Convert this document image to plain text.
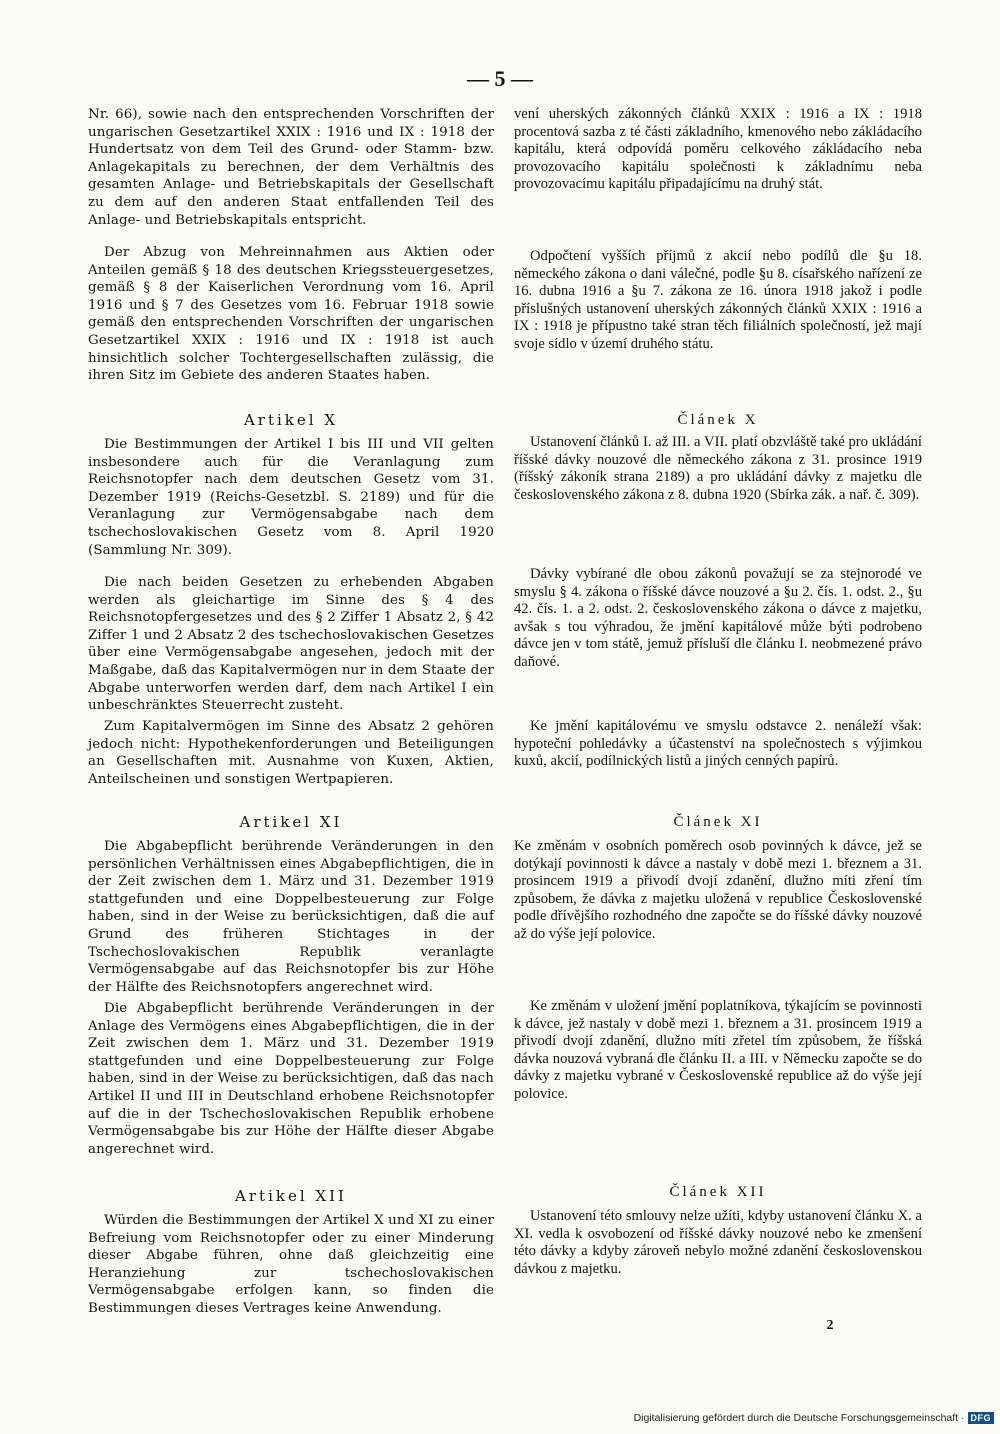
— 5 —

Nr. 66), sowie nach den entsprechenden Vorschriften der ungarischen Gesetzartikel XXIX : 1916 und IX : 1918 der Hundertsatz von dem Teil des Grund- oder Stamm- bzw. Anlagekapitals zu berechnen, der dem Verhältnis des gesamten Anlage- und Betriebskapitals der Gesellschaft zu dem auf den anderen Staat entfallenden Teil des Anlage- und Betriebskapitals entspricht.

Der Abzug von Mehreinnahmen aus Aktien oder Anteilen gemäß § 18 des deutschen Kriegssteuergesetzes, gemäß § 8 der Kaiserlichen Verordnung vom 16. April 1916 und § 7 des Gesetzes vom 16. Februar 1918 sowie gemäß den entsprechenden Vorschriften der ungarischen Gesetzartikel XXIX : 1916 und IX : 1918 ist auch hinsichtlich solcher Tochtergesellschaften zulässig, die ihren Sitz im Gebiete des anderen Staates haben.

Artikel X

Die Bestimmungen der Artikel I bis III und VII gelten insbesondere auch für die Veranlagung zum Reichsnotopfer nach dem deutschen Gesetz vom 31. Dezember 1919 (Reichs-Gesetzbl. S. 2189) und für die Veranlagung zur Vermögensabgabe nach dem tschechoslovakischen Gesetz vom 8. April 1920 (Sammlung Nr. 309).

Die nach beiden Gesetzen zu erhebenden Abgaben werden als gleichartige im Sinne des § 4 des Reichsnotopfergesetzes und des § 2 Ziffer 1 Absatz 2, § 42 Ziffer 1 und 2 Absatz 2 des tschechoslovakischen Gesetzes über eine Vermögensabgabe angesehen, jedoch mit der Maßgabe, daß das Kapitalvermögen nur in dem Staate der Abgabe unterworfen werden darf, dem nach Artikel I ein unbeschränktes Steuerrecht zusteht.

Zum Kapitalvermögen im Sinne des Absatz 2 gehören jedoch nicht: Hypothekenforderungen und Beteiligungen an Gesellschaften mit. Ausnahme von Kuxen, Aktien, Anteilscheinen und sonstigen Wertpapieren.

Artikel XI

Die Abgabepflicht berührende Veränderungen in den persönlichen Verhältnissen eines Abgabepflichtigen, die in der Zeit zwischen dem 1. März und 31. Dezember 1919 stattgefunden und eine Doppelbesteuerung zur Folge haben, sind in der Weise zu berücksichtigen, daß die auf Grund des früheren Stichtages in der Tschechoslovakischen Republik veranlagte Vermögensabgabe auf das Reichsnotopfer bis zur Höhe der Hälfte des Reichsnotopfers angerechnet wird.

Die Abgabepflicht berührende Veränderungen in der Anlage des Vermögens eines Abgabepflichtigen, die in der Zeit zwischen dem 1. März und 31. Dezember 1919 stattgefunden und eine Doppelbesteuerung zur Folge haben, sind in der Weise zu berücksichtigen, daß das nach Artikel II und III in Deutschland erhobene Reichsnotopfer auf die in der Tschechoslovakischen Republik erhobene Vermögensabgabe bis zur Höhe der Hälfte dieser Abgabe angerechnet wird.

Artikel XII

Würden die Bestimmungen der Artikel X und XI zu einer Befreiung vom Reichsnotopfer oder zu einer Minderung dieser Abgabe führen, ohne daß gleichzeitig eine Heranziehung zur tschechoslovakischen Vermögensabgabe erfolgen kann, so finden die Bestimmungen dieses Vertrages keine Anwendung.

vení uherských zákonných článků XXIX : 1916 a IX : 1918 procentová sazba z té části základního, kmenového nebo zákládacího kapitálu, která odpovídá poměru celkového zákládacího neba provozovacího kapitálu společnosti k základnímu neba provozovacímu kapitálu připadajícímu na druhý stát.

Odpočtení vyšších příjmů z akcií nebo podílů dle §u 18. německého zákona o dani válečné, podle §u 8. císařského nařízení ze 16. dubna 1916 a §u 7. zákona ze 16. února 1918 jakož i podle příslušných ustanovení uherských zákonných článků XXIX : 1916 a IX : 1918 je přípustno také stran těch filiálních společností, jež mají svoje sídlo v území druhého státu.

Článek X

Ustanovení článků I. až III. a VII. platí obzvláště také pro ukládání říšské dávky nouzové dle německého zákona z 31. prosince 1919 (říšský zákoník strana 2189) a pro ukládání dávky z majetku dle československého zákona z 8. dubna 1920 (Sbírka zák. a nař. č. 309).

Dávky vybírané dle obou zákonů považují se za stejnorodé ve smyslu § 4. zákona o říšské dávce nouzové a §u 2. čís. 1. odst. 2., §u 42. čís. 1. a 2. odst. 2. československého zákona o dávce z majetku, avšak s tou výhradou, že jmění kapitálové může býti podrobeno dávce jen v tom státě, jemuž přísluší dle článku I. neobmezené právo daňové.

Ke jmění kapitálovému ve smyslu odstavce 2. nenáleží však: hypoteční pohledávky a účastenství na společnostech s výjimkou kuxů, akcií, podílnických listů a jiných cenných papírů.

Článek XI

Ke změnám v osobních poměrech osob povinných k dávce, jež se dotýkají povinnosti k dávce a nastaly v době mezi 1. březnem a 31. prosincem 1919 a přivodí dvojí zdanění, dlužno míti zření tím způsobem, že dávka z majetku uložená v republice Československé podle dřívějšího rozhodného dne započte se do říšské dávky nouzové až do výše její polovice.

Ke změnám v uložení jmění poplatníkova, týkajícím se povinnosti k dávce, jež nastaly v době mezi 1. březnem a 31. prosincem 1919 a přivodí dvojí zdanění, dlužno míti zřetel tím způsobem, že říšská dávka nouzová vybraná dle článku II. a III. v Německu započte se do dávky z majetku vybrané v Československé republice až do výše její polovice.

Článek XII

Ustanovení této smlouvy nelze užíti, kdyby ustanovení článku X. a XI. vedla k osvobození od říšské dávky nouzové nebo ke zmenšení této dávky a kdyby zároveň nebylo možné zdanění československou dávkou z majetku.

2
Digitalisierung gefördert durch die Deutsche Forschungsgemeinschaft · DFG
